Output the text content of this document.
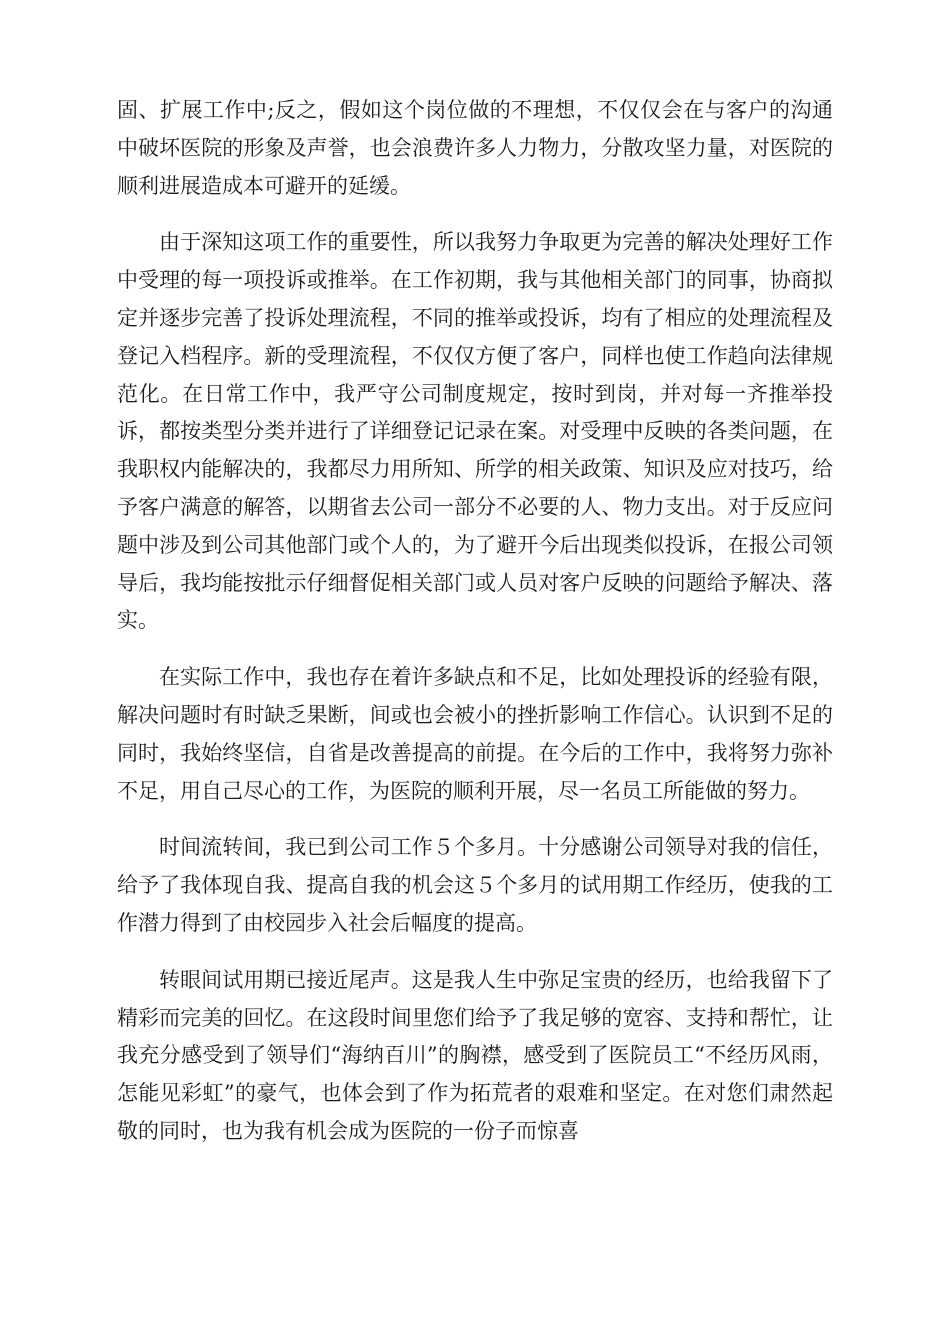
固、扩展工作中;反之，假如这个岗位做的不理想，不仅仅会在与客户的沟通中破坏医院的形象及声誉，也会浪费许多人力物力，分散攻坚力量，对医院的顺利进展造成本可避开的延缓。

由于深知这项工作的重要性，所以我努力争取更为完善的解决处理好工作中受理的每一项投诉或推举。在工作初期，我与其他相关部门的同事，协商拟定并逐步完善了投诉处理流程，不同的推举或投诉，均有了相应的处理流程及登记入档程序。新的受理流程，不仅仅方便了客户，同样也使工作趋向法律规范化。在日常工作中，我严守公司制度规定，按时到岗，并对每一齐推举投诉，都按类型分类并进行了详细登记记录在案。对受理中反映的各类问题，在我职权内能解决的，我都尽力用所知、所学的相关政策、知识及应对技巧，给予客户满意的解答，以期省去公司一部分不必要的人、物力支出。对于反应问题中涉及到公司其他部门或个人的，为了避开今后出现类似投诉，在报公司领导后，我均能按批示仔细督促相关部门或人员对客户反映的问题给予解决、落实。

在实际工作中，我也存在着许多缺点和不足，比如处理投诉的经验有限，解决问题时有时缺乏果断，间或也会被小的挫折影响工作信心。认识到不足的同时，我始终坚信，自省是改善提高的前提。在今后的工作中，我将努力弥补不足，用自己尽心的工作，为医院的顺利开展，尽一名员工所能做的努力。

时间流转间，我已到公司工作５个多月。十分感谢公司领导对我的信任，给予了我体现自我、提高自我的机会这５个多月的试用期工作经历，使我的工作潜力得到了由校园步入社会后幅度的提高。

转眼间试用期已接近尾声。这是我人生中弥足宝贵的经历，也给我留下了精彩而完美的回忆。在这段时间里您们给予了我足够的宽容、支持和帮忙，让我充分感受到了领导们“海纳百川”的胸襟，感受到了医院员工“不经历风雨，怎能见彩虹”的豪气，也体会到了作为拓荒者的艰难和坚定。在对您们肃然起敬的同时，也为我有机会成为医院的一份子而惊喜
